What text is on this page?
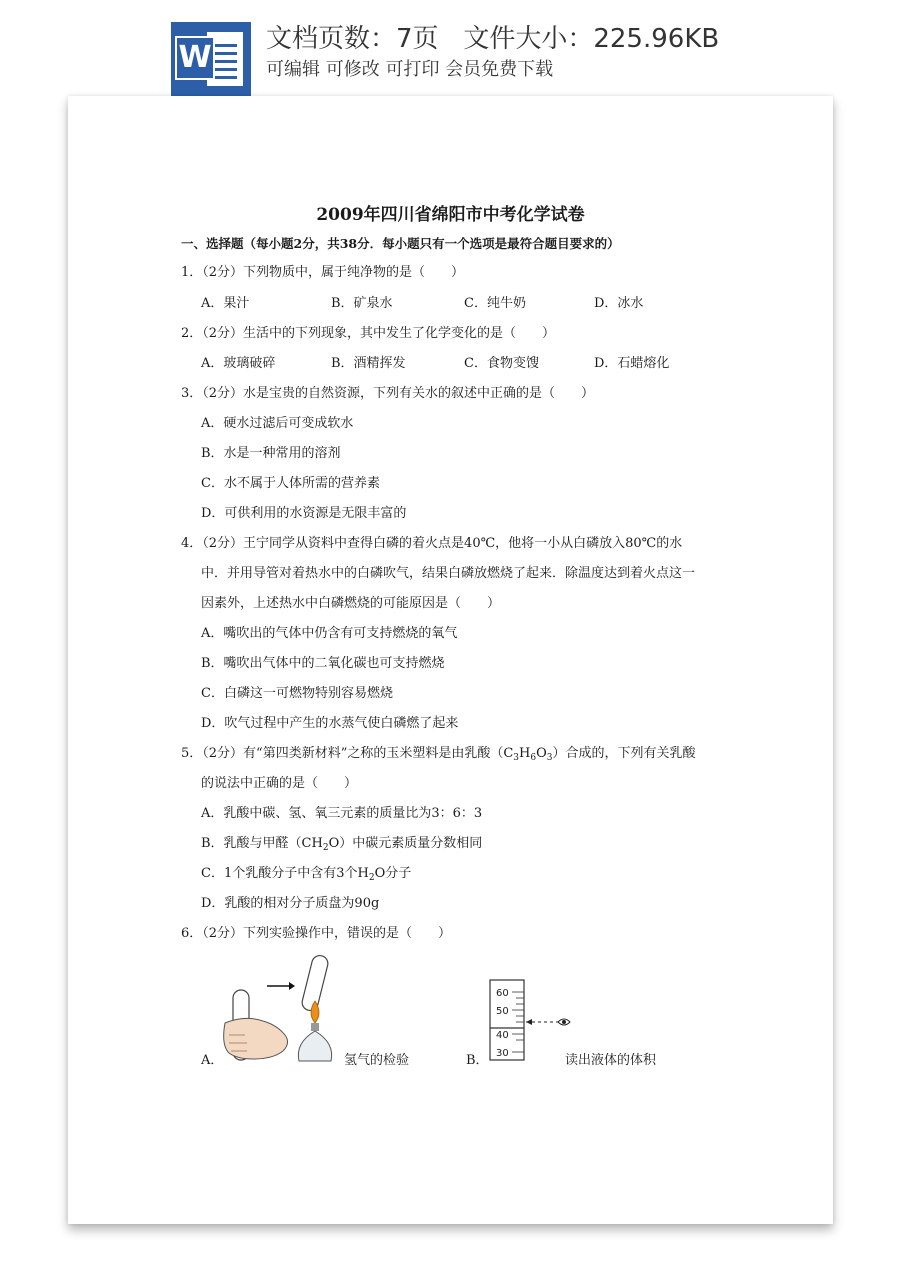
W
文档页数：7页 文件大小：225.96KB
可编辑 可修改 可打印 会员免费下载
2009年四川省绵阳市中考化学试卷
一、选择题（每小题2分，共38分．每小题只有一个选项是最符合题目要求的）
1．（2分）下列物质中，属于纯净物的是（　　）
A．果汁	B．矿泉水	C．纯牛奶	D．冰水
2．（2分）生活中的下列现象，其中发生了化学变化的是（　　）
A．玻璃破碎	B．酒精挥发	C．食物变馊	D．石蜡熔化
3．（2分）水是宝贵的自然资源，下列有关水的叙述中正确的是（　　）
A．硬水过滤后可变成软水
B．水是一种常用的溶剂
C．水不属于人体所需的营养素
D．可供利用的水资源是无限丰富的
4．（2分）王宁同学从资料中查得白磷的着火点是40℃，他将一小从白磷放入80℃的水
中．并用导管对着热水中的白磷吹气，结果白磷放燃烧了起来．除温度达到着火点这一
因素外，上述热水中白磷燃烧的可能原因是（　　）
A．嘴吹出的气体中仍含有可支持燃烧的氧气
B．嘴吹出气体中的二氧化碳也可支持燃烧
C．白磷这一可燃物特别容易燃烧
D．吹气过程中产生的水蒸气使白磷燃了起来
5．（2分）有“第四类新材料”之称的玉米塑料是由乳酸$(C_3H_6O_3)$合成的，下列有关乳酸
的说法中正确的是（　　）
A．乳酸中碳、氢、氧三元素的质量比为3：6：3
B．乳酸与甲醛$(CH_2O)$中碳元素质量分数相同
C．1个乳酸分子中含有3个$H_2O$分子
D．乳酸的相对分子质盘为90g
6．（2分）下列实验操作中，错误的是（　　）
A．	氢气的检验	B．
60
50
40
30	读出液体的体积
